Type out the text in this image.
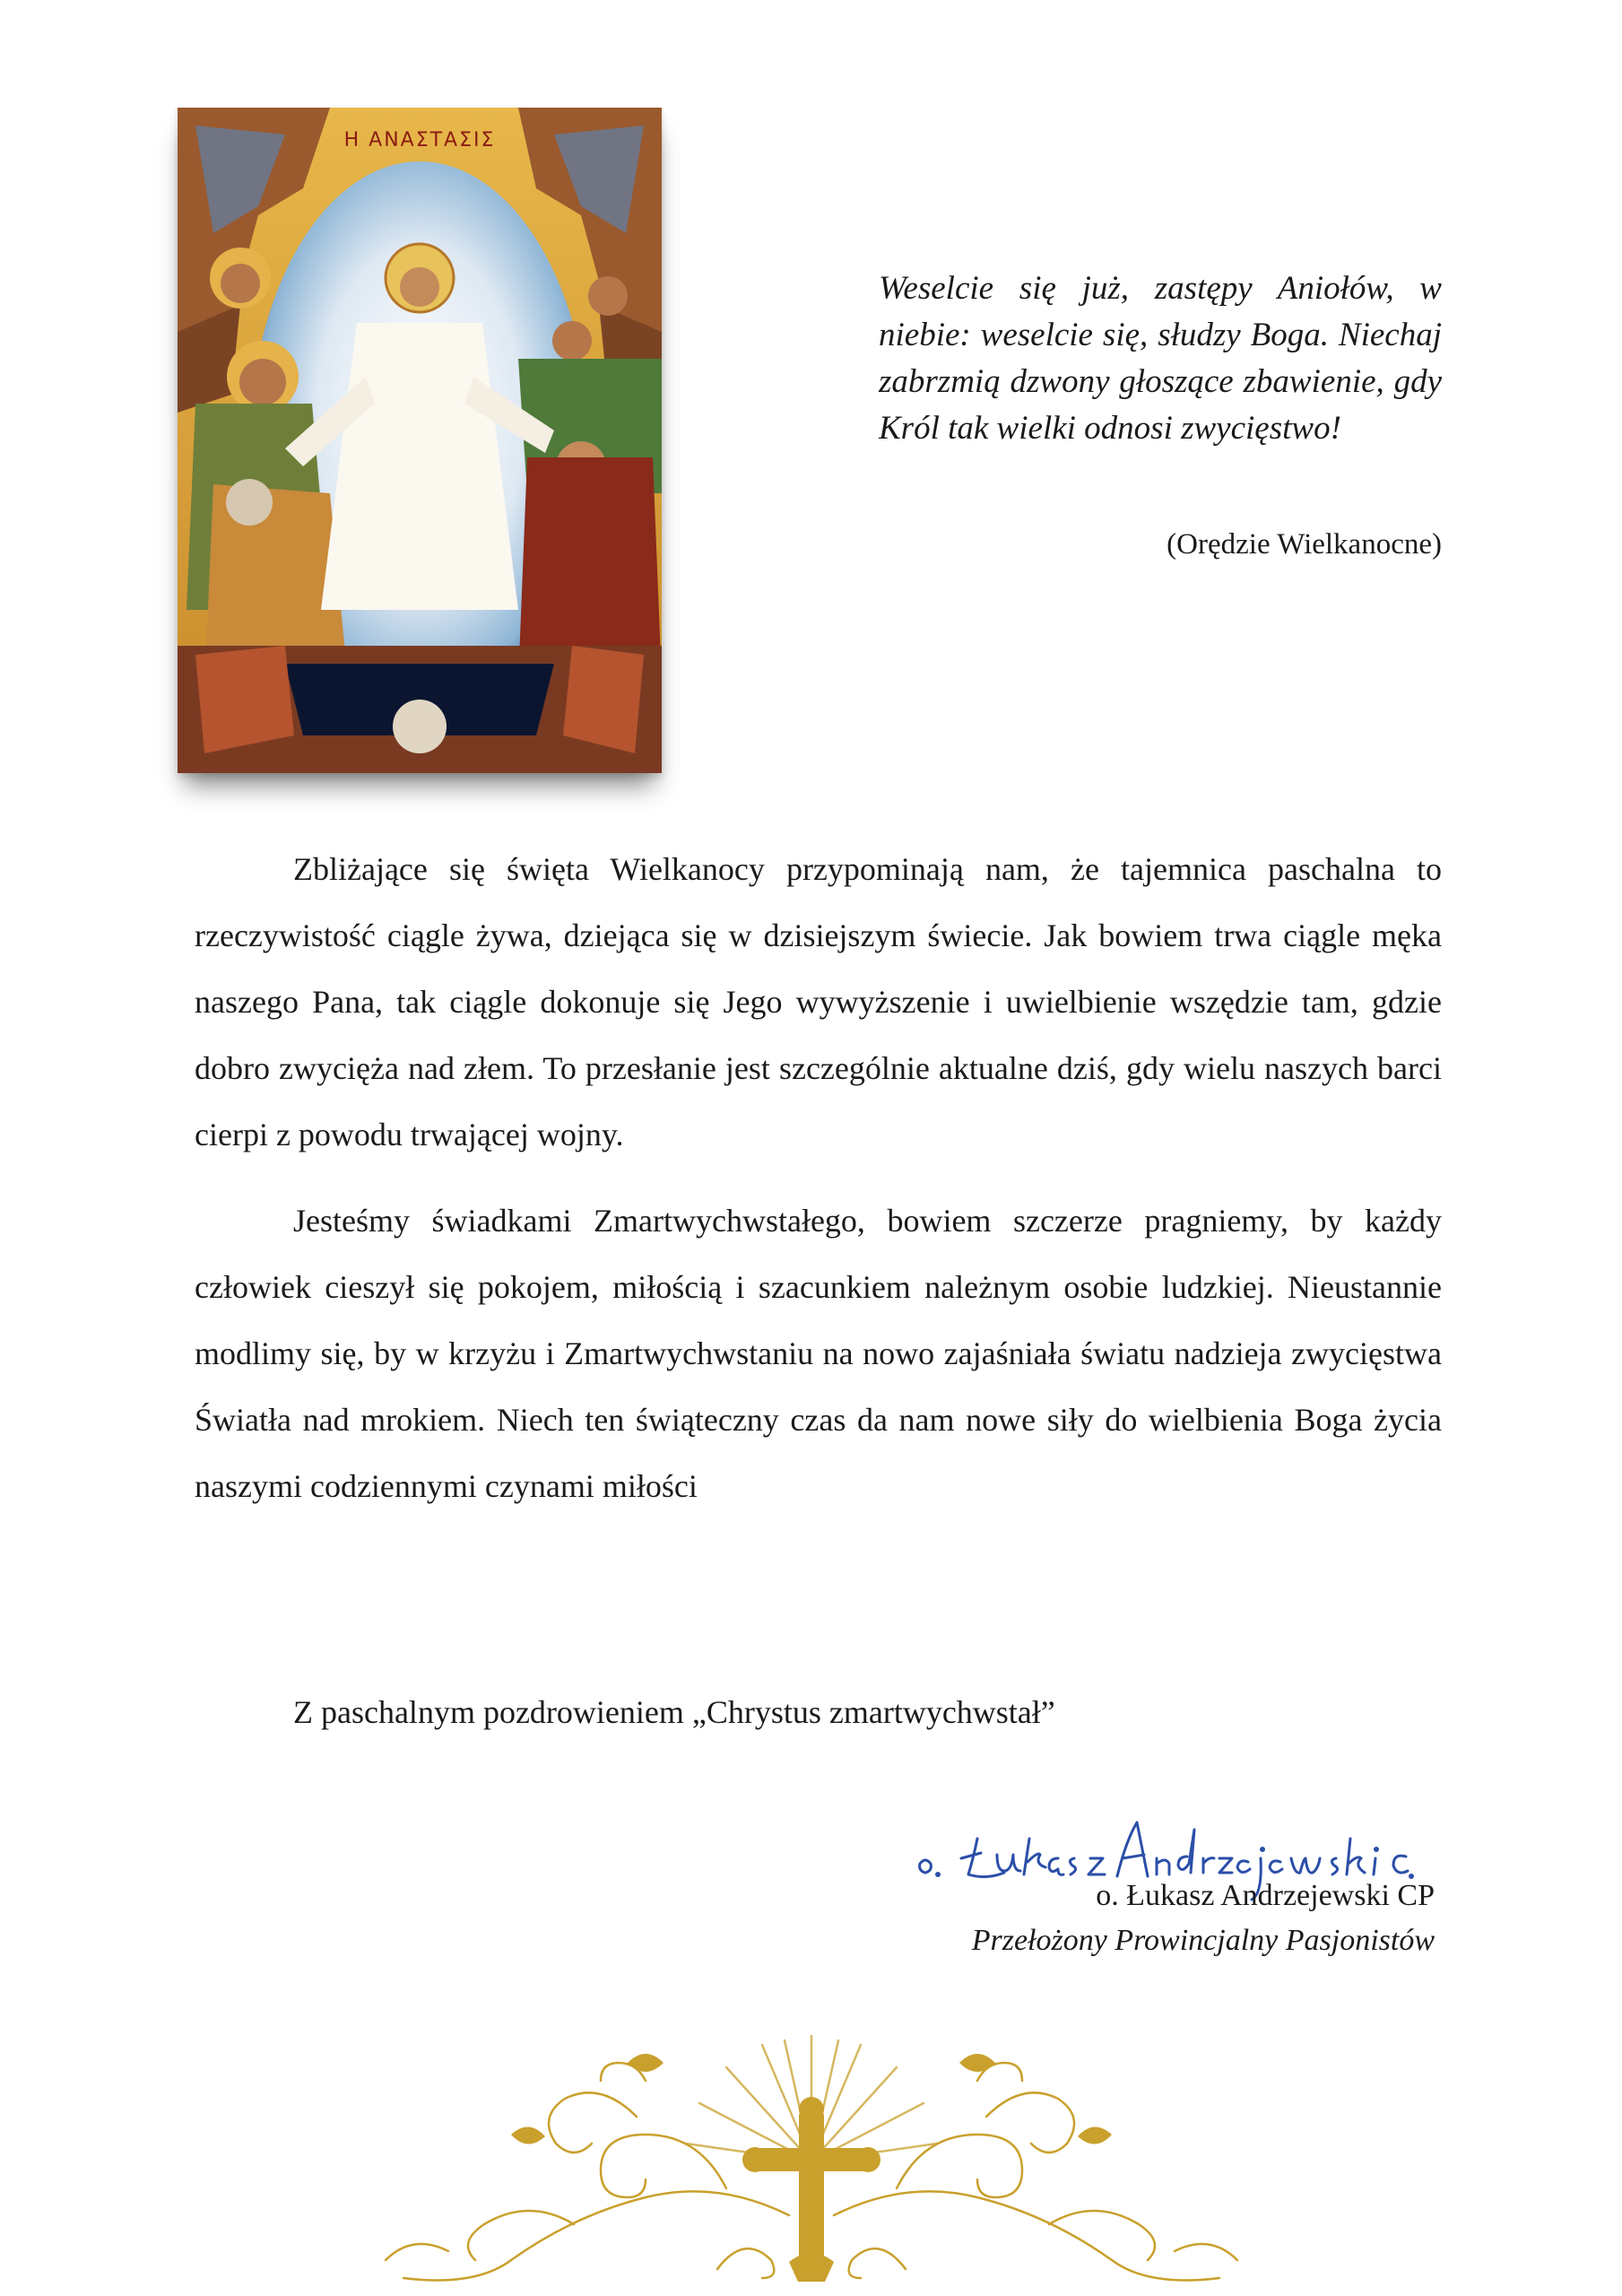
Η ΑΝΑΣΤΑΣΙΣ
Weselcie się już, zastępy Aniołów, w niebie: weselcie się, słudzy Boga. Niechaj zabrzmią dzwony głoszące zbawienie, gdy Król tak wielki odnosi zwycięstwo!
(Orędzie Wielkanocne)

Zbliżające się święta Wielkanocy przypominają nam, że tajemnica paschalna to rzeczywistość ciągle żywa, dziejąca się w dzisiejszym świecie. Jak bowiem trwa ciągle męka naszego Pana, tak ciągle dokonuje się Jego wywyższenie i uwielbienie wszędzie tam, gdzie dobro zwycięża nad złem. To przesłanie jest szczególnie aktualne dziś, gdy wielu naszych barci cierpi z powodu trwającej wojny.

Jesteśmy świadkami Zmartwychwstałego, bowiem szczerze pragniemy, by każdy człowiek cieszył się pokojem, miłością i szacunkiem należnym osobie ludzkiej. Nieustannie modlimy się, by w krzyżu i Zmartwychwstaniu na nowo zajaśniała światu nadzieja zwycięstwa Światła nad mrokiem. Niech ten świąteczny czas da nam nowe siły do wielbienia Boga życia naszymi codziennymi czynami miłości

Z paschalnym pozdrowieniem „Chrystus zmartwychwstał”
o. Łukasz Andrzejewski CP
Przełożony Prowincjalny Pasjonistów
